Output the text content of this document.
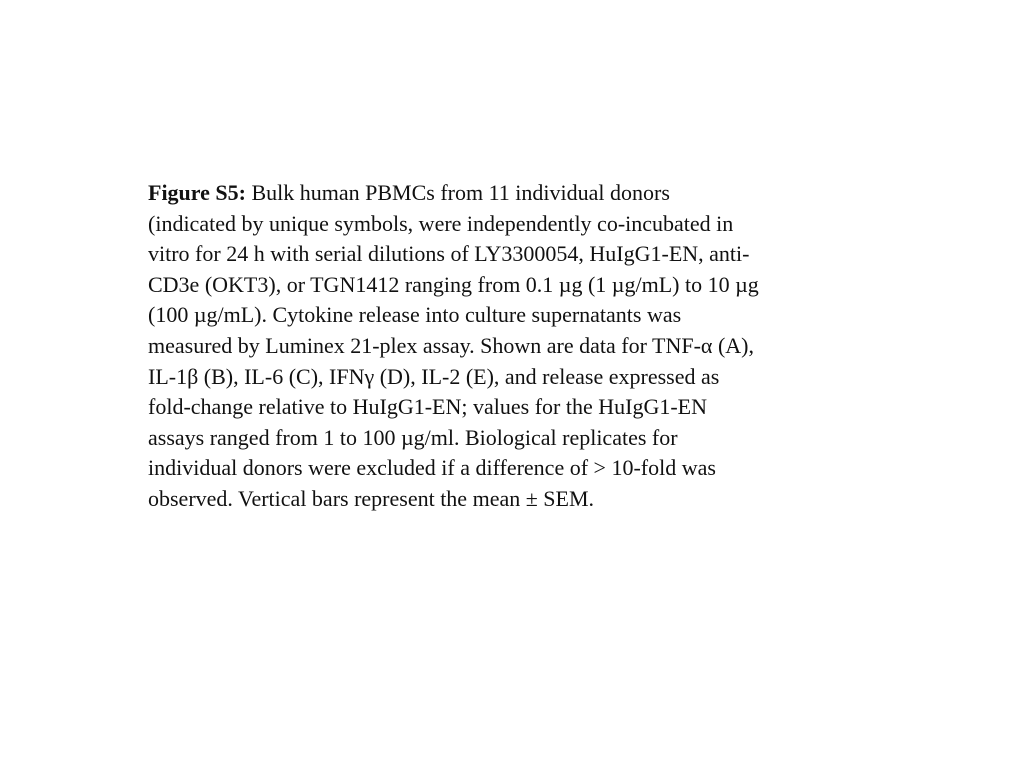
Figure S5: Bulk human PBMCs from 11 individual donors
(indicated by unique symbols, were independently co-incubated in
vitro for 24 h with serial dilutions of LY3300054, HuIgG1-EN, anti-
CD3e (OKT3), or TGN1412 ranging from 0.1 µg (1 µg/mL) to 10 µg
(100 µg/mL). Cytokine release into culture supernatants was
measured by Luminex 21-plex assay. Shown are data for TNF-α (A),
IL-1β (B), IL-6 (C), IFNγ (D), IL-2 (E), and release expressed as
fold-change relative to HuIgG1-EN; values for the HuIgG1-EN
assays ranged from 1 to 100 µg/ml. Biological replicates for
individual donors were excluded if a difference of > 10-fold was
observed. Vertical bars represent the mean ± SEM.
